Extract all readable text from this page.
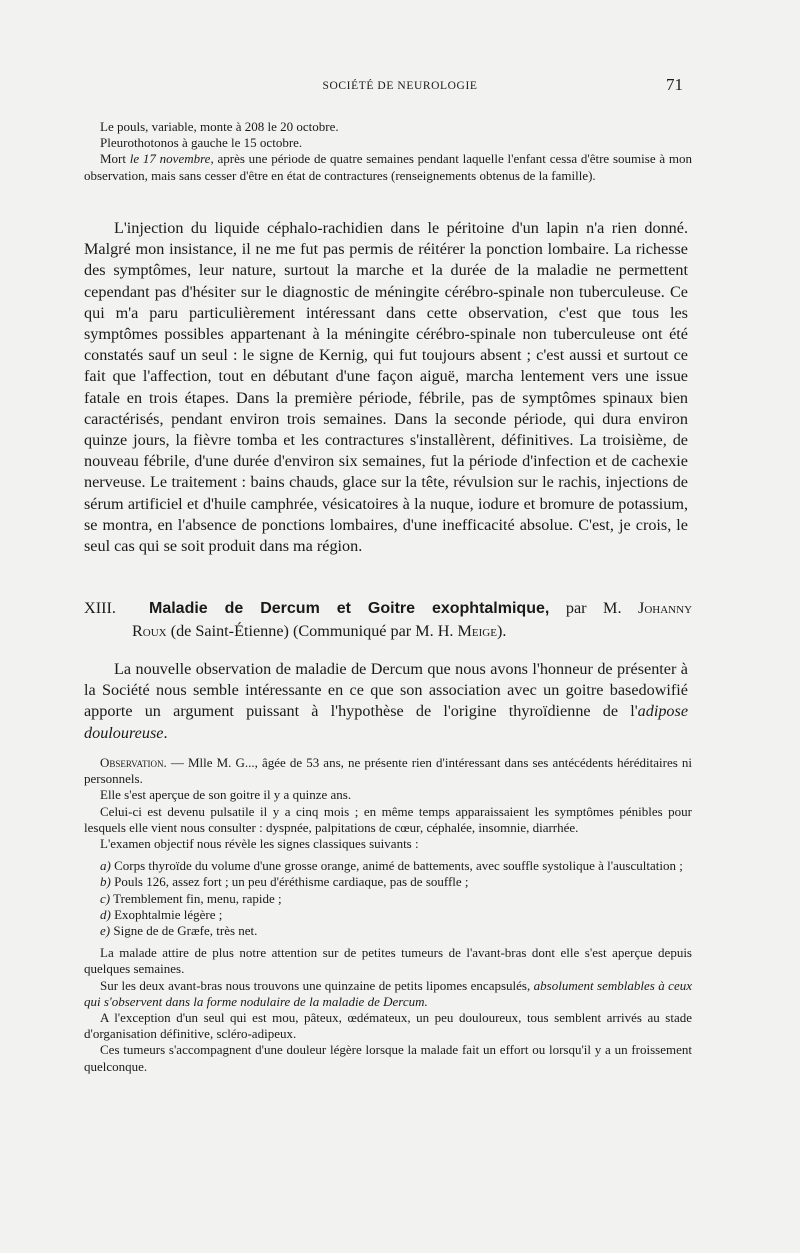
SOCIÉTÉ DE NEUROLOGIE	71

Le pouls, variable, monte à 208 le 20 octobre.

Pleurothotonos à gauche le 15 octobre.

Mort le 17 novembre, après une période de quatre semaines pendant laquelle l'enfant cessa d'être soumise à mon observation, mais sans cesser d'être en état de contractures (renseignements obtenus de la famille).

L'injection du liquide céphalo-rachidien dans le péritoine d'un lapin n'a rien donné. Malgré mon insistance, il ne me fut pas permis de réitérer la ponction lombaire. La richesse des symptômes, leur nature, surtout la marche et la durée de la maladie ne permettent cependant pas d'hésiter sur le diagnostic de méningite cérébro-spinale non tuberculeuse. Ce qui m'a paru particulièrement intéressant dans cette observation, c'est que tous les symptômes possibles appartenant à la méningite cérébro-spinale non tuberculeuse ont été constatés sauf un seul : le signe de Kernig, qui fut toujours absent ; c'est aussi et surtout ce fait que l'affection, tout en débutant d'une façon aiguë, marcha lentement vers une issue fatale en trois étapes. Dans la première période, fébrile, pas de symptômes spinaux bien caractérisés, pendant environ trois semaines. Dans la seconde période, qui dura environ quinze jours, la fièvre tomba et les contractures s'installèrent, définitives. La troisième, de nouveau fébrile, d'une durée d'environ six semaines, fut la période d'infection et de cachexie nerveuse. Le traitement : bains chauds, glace sur la tête, révulsion sur le rachis, injections de sérum artificiel et d'huile camphrée, vésicatoires à la nuque, iodure et bromure de potassium, se montra, en l'absence de ponctions lombaires, d'une inefficacité absolue. C'est, je crois, le seul cas qui se soit produit dans ma région.

XIII. Maladie de Dercum et Goitre exophtalmique, par M. Johanny
Roux (de Saint-Étienne) (Communiqué par M. H. Meige).

La nouvelle observation de maladie de Dercum que nous avons l'honneur de présenter à la Société nous semble intéressante en ce que son association avec un goitre basedowifié apporte un argument puissant à l'hypothèse de l'origine thyroïdienne de l'adipose douloureuse.

Observation. — Mlle M. G..., âgée de 53 ans, ne présente rien d'intéressant dans ses antécédents héréditaires ni personnels.

Elle s'est aperçue de son goitre il y a quinze ans.

Celui-ci est devenu pulsatile il y a cinq mois ; en même temps apparaissaient les symptômes pénibles pour lesquels elle vient nous consulter : dyspnée, palpitations de cœur, céphalée, insomnie, diarrhée.

L'examen objectif nous révèle les signes classiques suivants :

a) Corps thyroïde du volume d'une grosse orange, animé de battements, avec souffle systolique à l'auscultation ;

b) Pouls 126, assez fort ; un peu d'éréthisme cardiaque, pas de souffle ;

c) Tremblement fin, menu, rapide ;

d) Exophtalmie légère ;

e) Signe de de Græfe, très net.

La malade attire de plus notre attention sur de petites tumeurs de l'avant-bras dont elle s'est aperçue depuis quelques semaines.

Sur les deux avant-bras nous trouvons une quinzaine de petits lipomes encapsulés, absolument semblables à ceux qui s'observent dans la forme nodulaire de la maladie de Dercum.

A l'exception d'un seul qui est mou, pâteux, œdémateux, un peu douloureux, tous semblent arrivés au stade d'organisation définitive, scléro-adipeux.

Ces tumeurs s'accompagnent d'une douleur légère lorsque la malade fait un effort ou lorsqu'il y a un froissement quelconque.
